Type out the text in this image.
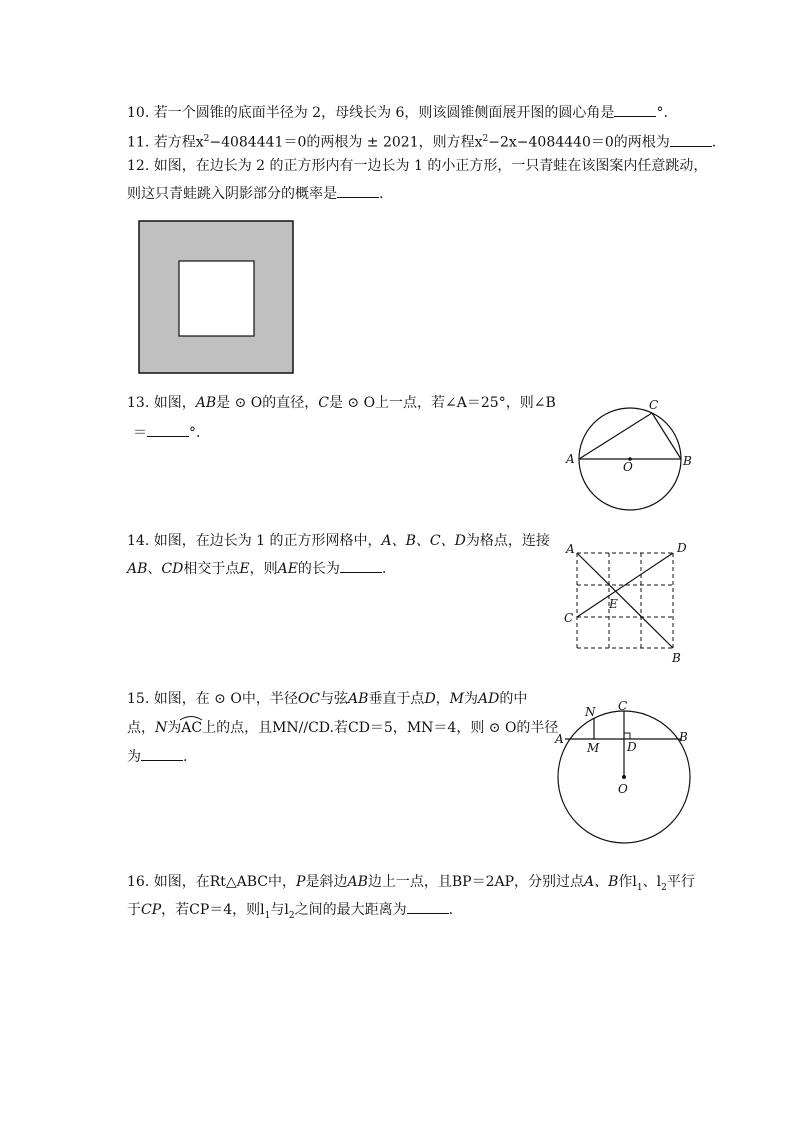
10. 若一个圆锥的底面半径为 2，母线长为 6，则该圆锥侧面展开图的圆心角是	°.
11. 若方程$x^2-4084441=0$的两根为 ± 2021，则方程$x^2-2x-4084440=0$的两根为	.
12. 如图，在边长为 2 的正方形内有一边长为 1 的小正方形，一只青蛙在该图案内任意跳动，
则这只青蛙跳入阴影部分的概率是	.
13. 如图，AB是 ⊙ O的直径，C是 ⊙ O上一点，若∠A＝25°，则∠B
＝	°.
A	B
C
O
14. 如图，在边长为 1 的正方形网格中，A、B、C、D为格点，连接
AB、CD相交于点E，则AE的长为	.
A	D
C
E
B
15. 如图，在 ⊙ O中，半径OC与弦AB垂直于点D，M为AD的中
点，N为
AC上的点，且MN//CD.若CD＝5，MN＝4，则 ⊙ O的半径
为	.
A	B
C
D
M
N
O
16. 如图，在Rt△ABC中，P是斜边AB边上一点，且BP＝2AP，分别过点A、B作$l_1$、$l_2$平行
于CP，若CP＝4，则$l_1$与$l_2$之间的最大距离为	.
